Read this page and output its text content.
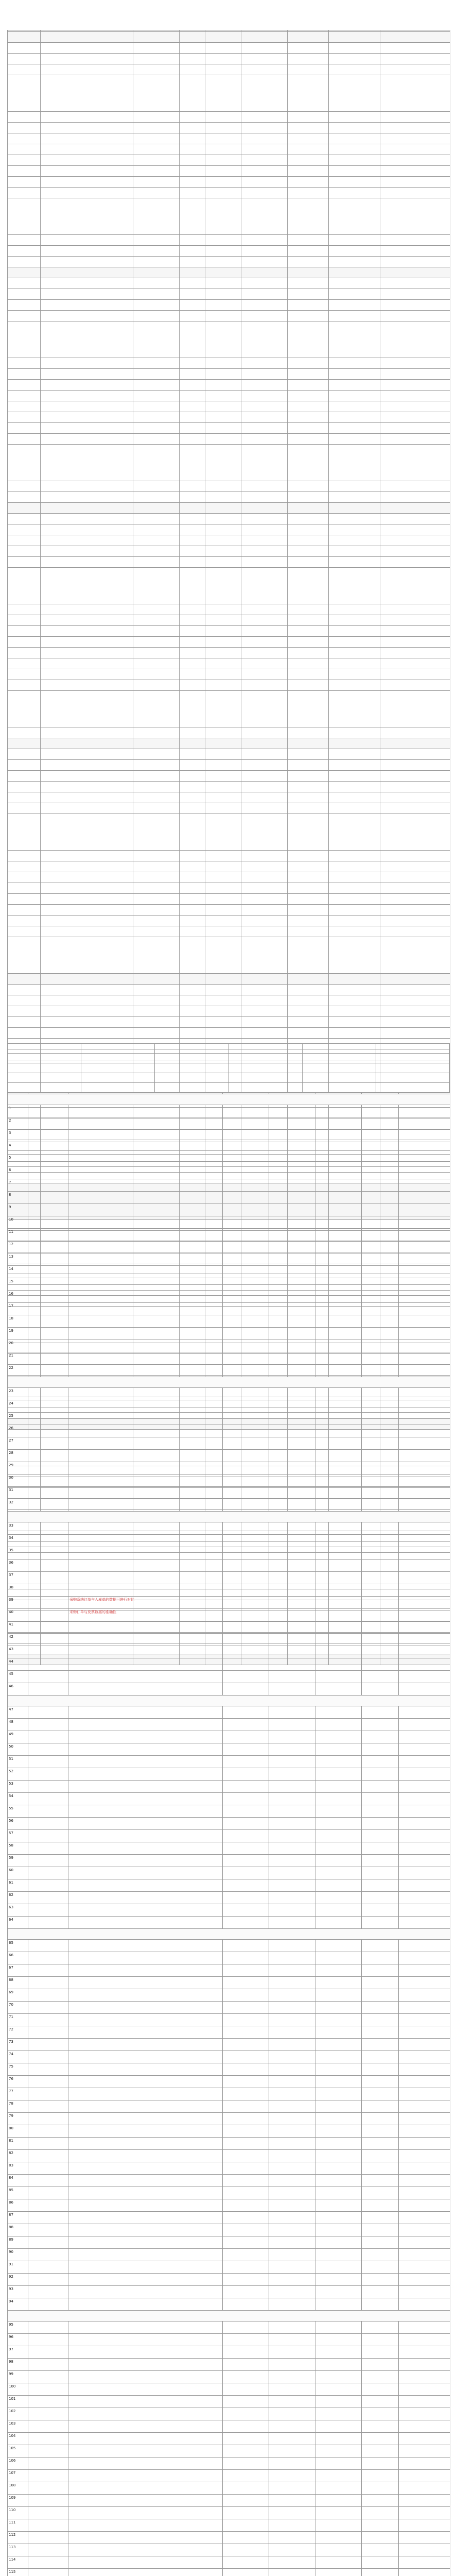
1							
2							
3							
4							
5							
6							
7							
8							
9							
10							
11							
12							
13							
14							
15							
16							
17							
18							
19							
20							
21							
22							

23							
24							
25							
26							
27							
28							
29							
30							
31							
32							

33							
34							
35							
36							
37							
38							
39		采购系统订单与入库单的数据可进行对比					
40		采购订单与发票数据的准确性					
41							
42							
43							
44							
45							
46							

47							
48							
49							
50							
51							
52							
53							
54							
55							
56							
57							
58							
59							
60							
61							
62							
63							
64							

65							
66							
67							
68							
69							
70							
71							
72							
73							
74							
75							
76							
77							
78							
79							
80							
81							
82							
83							
84							
85							
86							
87							
88							
89							
90							
91							
92							
93							
94							

95							
96							
97							
98							
99							
100							
101							
102							
103							
104							
105							
106							
107							
108							
109							
110							
111							
112							
113							
114							
115							
